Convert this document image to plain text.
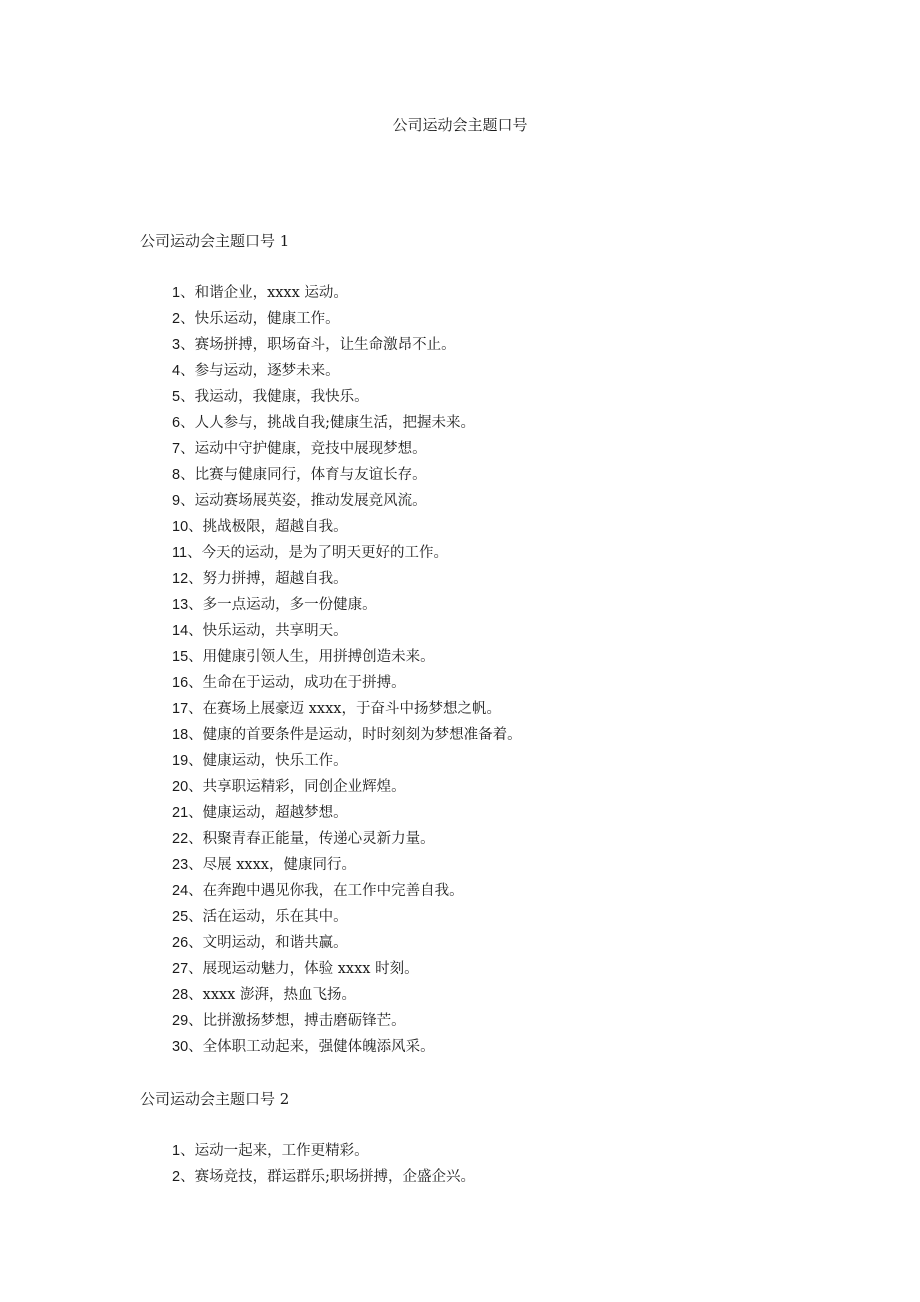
公司运动会主题口号
公司运动会主题口号 1
1、和谐企业，xxxx 运动。
2、快乐运动，健康工作。
3、赛场拼搏，职场奋斗，让生命激昂不止。
4、参与运动，逐梦未来。
5、我运动，我健康，我快乐。
6、人人参与，挑战自我;健康生活，把握未来。
7、运动中守护健康，竞技中展现梦想。
8、比赛与健康同行，体育与友谊长存。
9、运动赛场展英姿，推动发展竞风流。
10、挑战极限，超越自我。
11、今天的运动，是为了明天更好的工作。
12、努力拼搏，超越自我。
13、多一点运动，多一份健康。
14、快乐运动，共享明天。
15、用健康引领人生，用拼搏创造未来。
16、生命在于运动，成功在于拼搏。
17、在赛场上展豪迈 xxxx，于奋斗中扬梦想之帆。
18、健康的首要条件是运动，时时刻刻为梦想准备着。
19、健康运动，快乐工作。
20、共享职运精彩，同创企业辉煌。
21、健康运动，超越梦想。
22、积聚青春正能量，传递心灵新力量。
23、尽展 xxxx，健康同行。
24、在奔跑中遇见你我，在工作中完善自我。
25、活在运动，乐在其中。
26、文明运动，和谐共赢。
27、展现运动魅力，体验 xxxx 时刻。
28、xxxx 澎湃，热血飞扬。
29、比拼激扬梦想，搏击磨砺锋芒。
30、全体职工动起来，强健体魄添风采。
公司运动会主题口号 2
1、运动一起来，工作更精彩。
2、赛场竞技，群运群乐;职场拼搏，企盛企兴。
